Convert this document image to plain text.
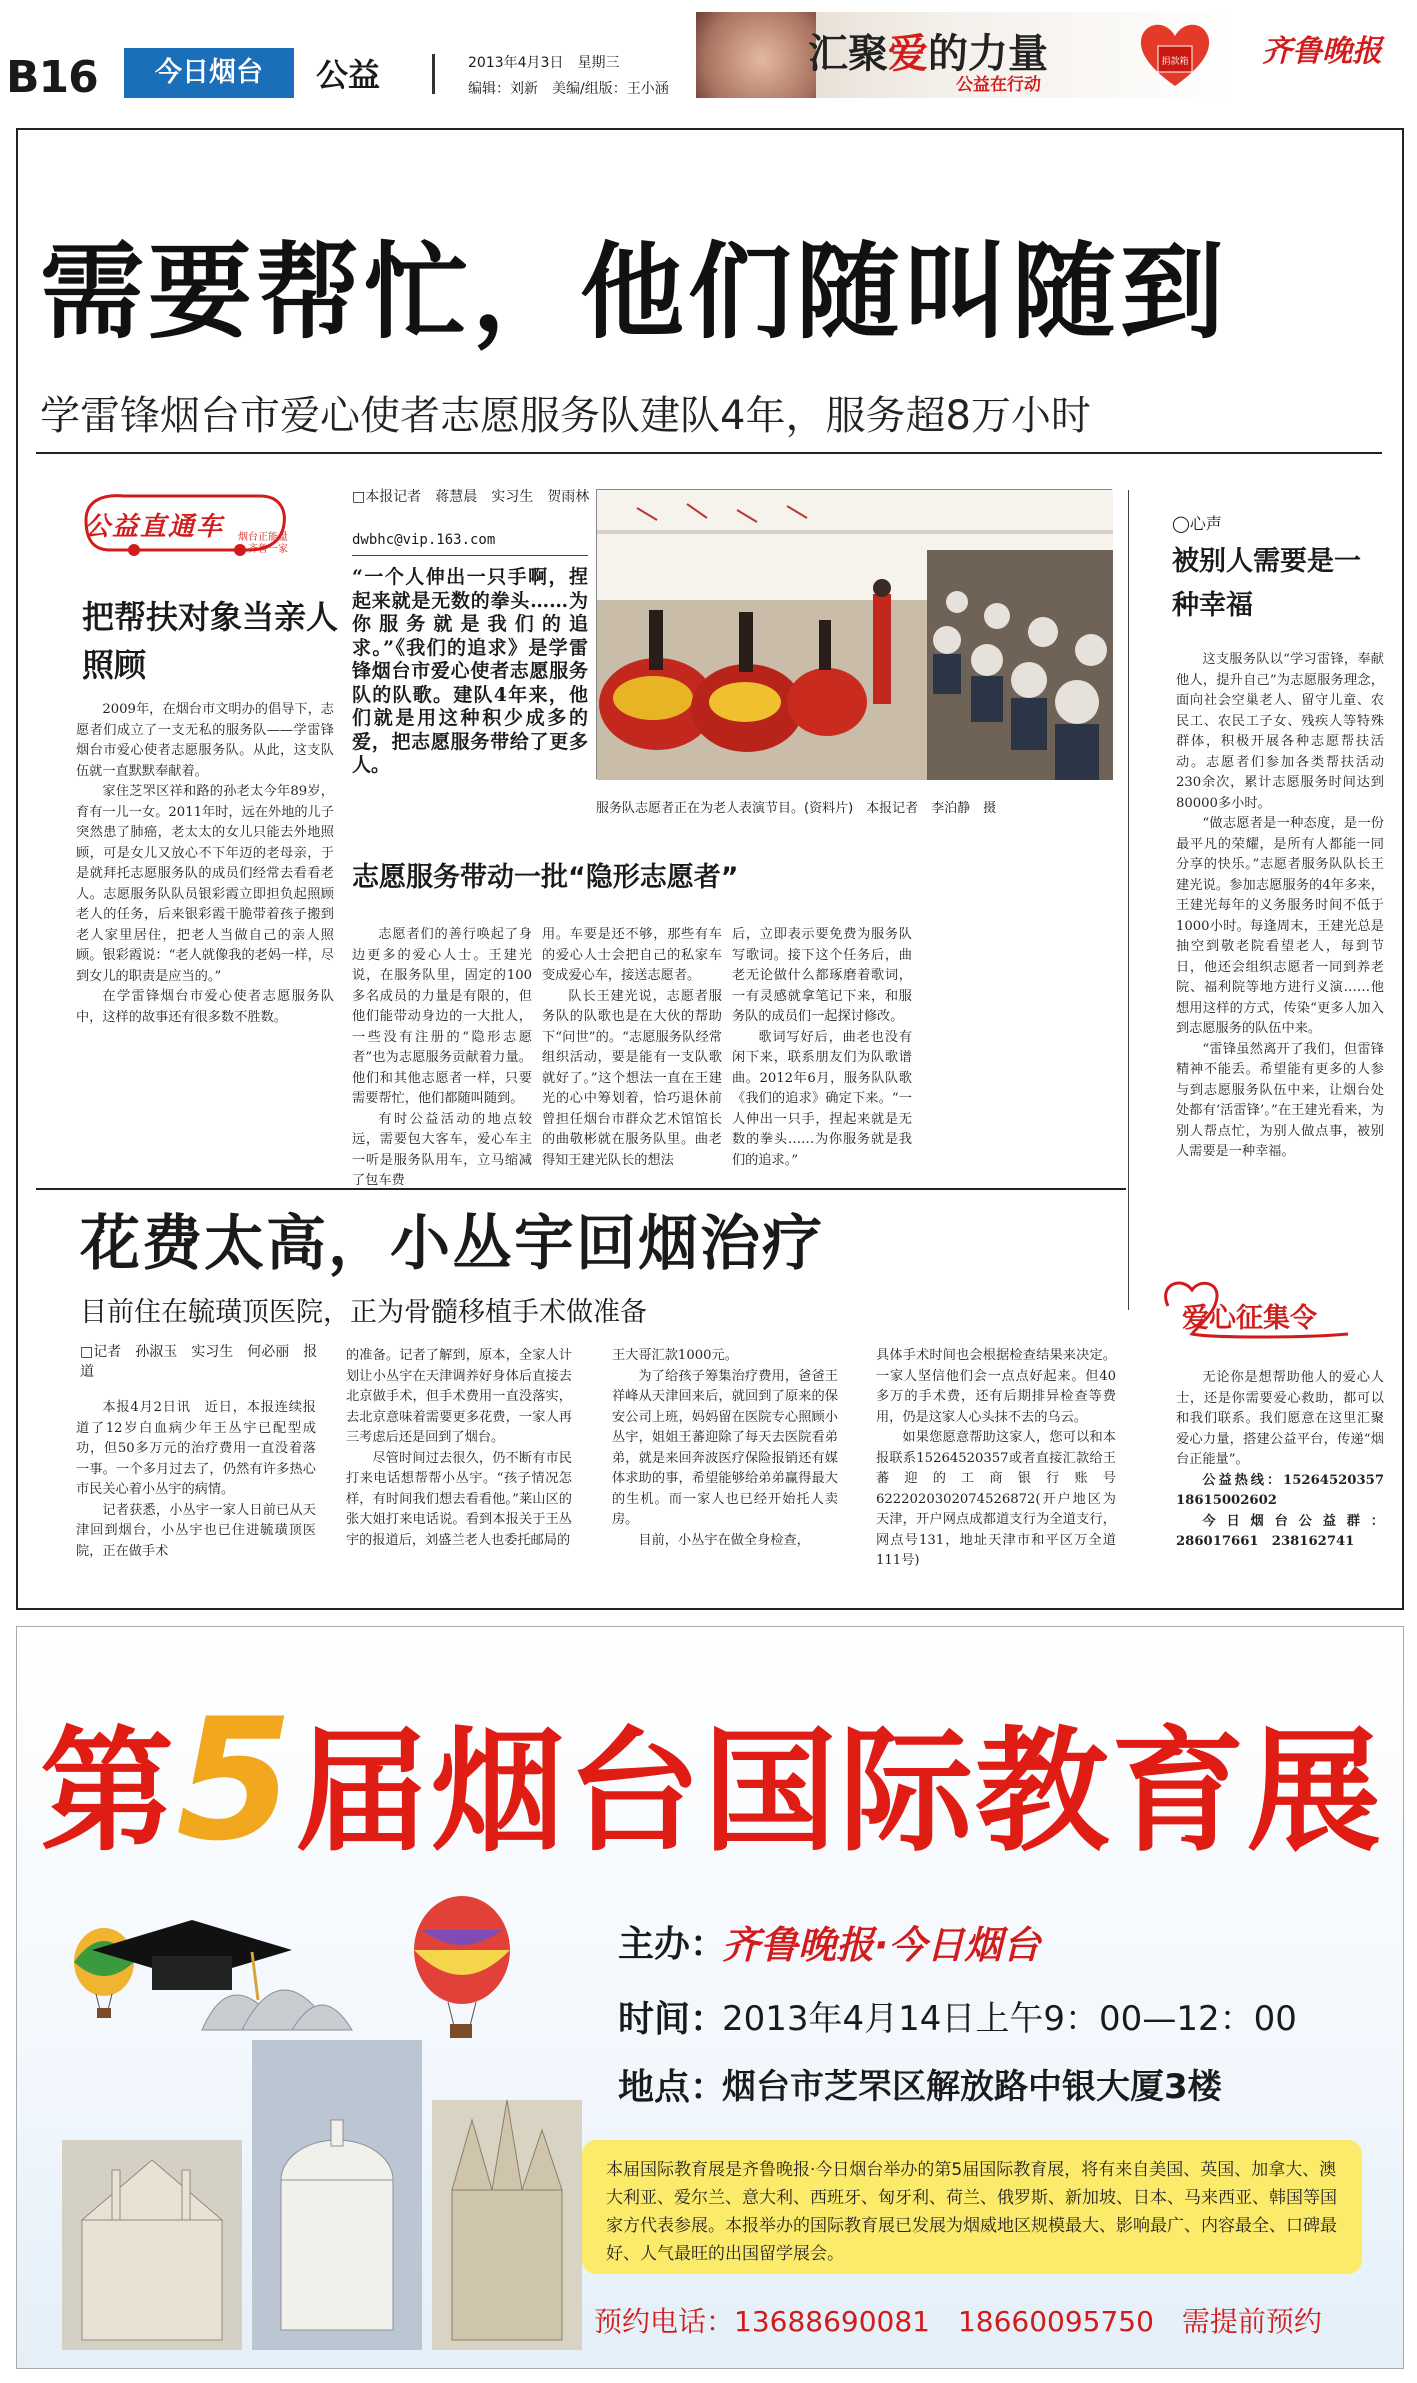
B16	今日烟台	公益	2013年4月3日　星期三
编辑：刘新　美编/组版：王小涵
汇聚爱的力量
公益在行动
捐款箱 齐鲁晚报
需要帮忙，他们随叫随到
学雷锋烟台市爱心使者志愿服务队建队4年，服务超8万小时
公益直通车	烟台正能量
齐鲁一家
把帮扶对象当亲人照顾

2009年，在烟台市文明办的倡导下，志愿者们成立了一支无私的服务队——学雷锋烟台市爱心使者志愿服务队。从此，这支队伍就一直默默奉献着。

家住芝罘区祥和路的孙老太今年89岁，育有一儿一女。2011年时，远在外地的儿子突然患了肺癌，老太太的女儿只能去外地照顾，可是女儿又放心不下年迈的老母亲，于是就拜托志愿服务队的成员们经常去看看老人。志愿服务队队员银彩霞立即担负起照顾老人的任务，后来银彩霞干脆带着孩子搬到老人家里居住，把老人当做自己的亲人照顾。银彩霞说：“老人就像我的老妈一样，尽到女儿的职责是应当的。”

在学雷锋烟台市爱心使者志愿服务队中，这样的故事还有很多数不胜数。

□本报记者　蒋慧晨　实习生　贺雨林
dwbhc@vip.163.com
“一个人伸出一只手啊，捏起来就是无数的拳头……为你服务就是我们的追求。”《我们的追求》是学雷锋烟台市爱心使者志愿服务队的队歌。建队4年来，他们就是用这种积少成多的爱，把志愿服务带给了更多人。
服务队志愿者正在为老人表演节目。(资料片)　本报记者　李泊静　摄
志愿服务带动一批“隐形志愿者”

志愿者们的善行唤起了身边更多的爱心人士。王建光说，在服务队里，固定的100多名成员的力量是有限的，但他们能带动身边的一大批人，一些没有注册的“隐形志愿者”也为志愿服务贡献着力量。他们和其他志愿者一样，只要需要帮忙，他们都随叫随到。

有时公益活动的地点较远，需要包大客车，爱心车主一听是服务队用车，立马缩减了包车费

用。车要是还不够，那些有车的爱心人士会把自己的私家车变成爱心车，接送志愿者。

队长王建光说，志愿者服务队的队歌也是在大伙的帮助下“问世”的。“志愿服务队经常组织活动，要是能有一支队歌就好了。”这个想法一直在王建光的心中筹划着，恰巧退休前曾担任烟台市群众艺术馆馆长的曲敬彬就在服务队里。曲老得知王建光队长的想法

后，立即表示要免费为服务队写歌词。接下这个任务后，曲老无论做什么都琢磨着歌词，一有灵感就拿笔记下来，和服务队的成员们一起探讨修改。

歌词写好后，曲老也没有闲下来，联系朋友们为队歌谱曲。2012年6月，服务队队歌《我们的追求》确定下来。“一人伸出一只手，捏起来就是无数的拳头……为你服务就是我们的追求。”

◯心声
被别人需要是一种幸福

这支服务队以“学习雷锋，奉献他人，提升自己”为志愿服务理念，面向社会空巢老人、留守儿童、农民工、农民工子女、残疾人等特殊群体，积极开展各种志愿帮扶活动。志愿者们参加各类帮扶活动230余次，累计志愿服务时间达到80000多小时。

“做志愿者是一种态度，是一份最平凡的荣耀，是所有人都能一同分享的快乐。”志愿者服务队队长王建光说。参加志愿服务的4年多来，王建光每年的义务服务时间不低于1000小时。每逢周末，王建光总是抽空到敬老院看望老人，每到节日，他还会组织志愿者一同到养老院、福利院等地方进行义演……他想用这样的方式，传染“更多人加入到志愿服务的队伍中来。

“雷锋虽然离开了我们，但雷锋精神不能丢。希望能有更多的人参与到志愿服务队伍中来，让烟台处处都有‘活雷锋’。”在王建光看来，为别人帮点忙，为别人做点事，被别人需要是一种幸福。

爱心征集令

无论你是想帮助他人的爱心人士，还是你需要爱心救助，都可以和我们联系。我们愿意在这里汇聚爱心力量，搭建公益平台，传递“烟台正能量”。

公益热线：15264520357　18615002602

今日烟台公益群：286017661　238162741

花费太高，小丛宇回烟治疗
目前住在毓璜顶医院，正为骨髓移植手术做准备
□记者　孙淑玉　实习生　何必丽　报道

本报4月2日讯　近日，本报连续报道了12岁白血病少年王丛宇已配型成功，但50多万元的治疗费用一直没着落一事。一个多月过去了，仍然有许多热心市民关心着小丛宇的病情。

记者获悉，小丛宇一家人日前已从天津回到烟台，小丛宇也已住进毓璜顶医院，正在做手术

的准备。记者了解到，原本，全家人计划让小丛宇在天津调养好身体后直接去北京做手术，但手术费用一直没落实，去北京意味着需要更多花费，一家人再三考虑后还是回到了烟台。

尽管时间过去很久，仍不断有市民打来电话想帮帮小丛宇。“孩子情况怎样，有时间我们想去看看他。”莱山区的张大姐打来电话说。看到本报关于王丛宇的报道后，刘盛兰老人也委托邮局的

王大哥汇款1000元。

为了给孩子筹集治疗费用，爸爸王祥峰从天津回来后，就回到了原来的保安公司上班，妈妈留在医院专心照顾小丛宇，姐姐王蕃迎除了每天去医院看弟弟，就是来回奔波医疗保险报销还有媒体求助的事，希望能够给弟弟赢得最大的生机。而一家人也已经开始托人卖房。

目前，小丛宇在做全身检查，

具体手术时间也会根据检查结果来决定。一家人坚信他们会一点点好起来。但40多万的手术费，还有后期排异检查等费用，仍是这家人心头抹不去的乌云。

如果您愿意帮助这家人，您可以和本报联系15264520357或者直接汇款给王蕃迎的工商银行账号6222020302074526872(开户地区为天津，开户网点成都道支行为全道支行，网点号131，地址天津市和平区万全道111号)

第5届烟台国际教育展
主办：
齐鲁晚报·今日烟台
时间：
2013年4月14日上午9：00—12：00
地点：
烟台市芝罘区解放路中银大厦3楼
本届国际教育展是齐鲁晚报·今日烟台举办的第5届国际教育展，将有来自美国、英国、加拿大、澳大利亚、爱尔兰、意大利、西班牙、匈牙利、荷兰、俄罗斯、新加坡、日本、马来西亚、韩国等国家方代表参展。本报举办的国际教育展已发展为烟威地区规模最大、影响最广、内容最全、口碑最好、人气最旺的出国留学展会。
预约电话：13688690081　18660095750　需提前预约
